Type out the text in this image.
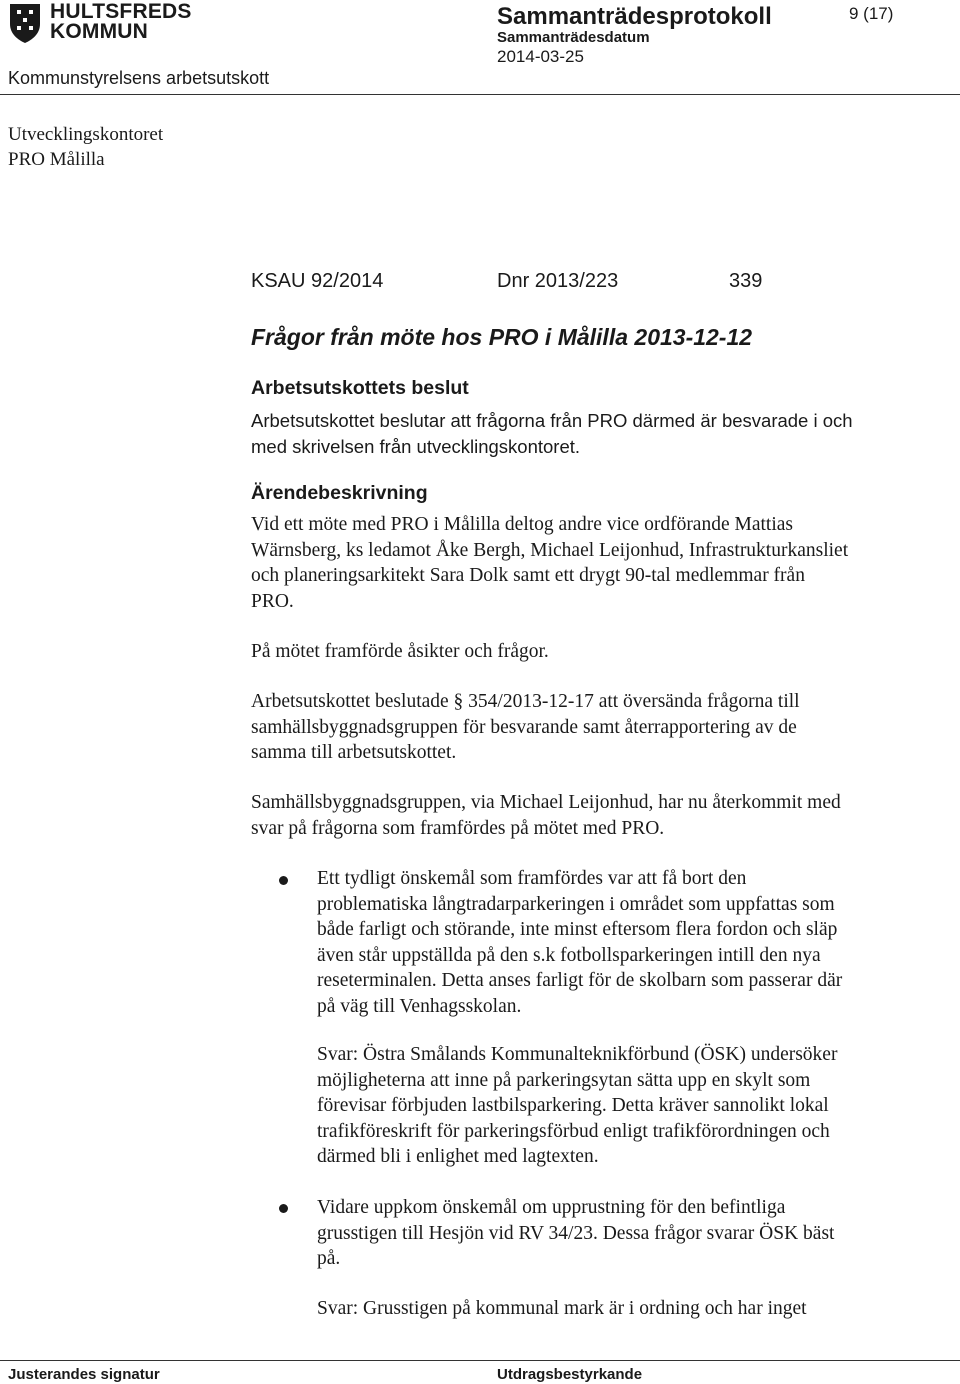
HULTSFREDS
KOMMUN
Sammanträdesprotokoll
Sammanträdesdatum
2014-03-25
9 (17)
Kommunstyrelsens arbetsutskott
Utvecklingskontoret
PRO Målilla
KSAU 92/2014	Dnr 2013/223	339
Frågor från möte hos PRO i Målilla 2013-12-12
Arbetsutskottets beslut
Arbetsutskottet beslutar att frågorna från PRO därmed är besvarade i och
med skrivelsen från utvecklingskontoret.
Ärendebeskrivning
Vid ett möte med PRO i Målilla deltog andre vice ordförande Mattias
Wärnsberg, ks ledamot Åke Bergh, Michael Leijonhud, Infrastrukturkansliet
och planeringsarkitekt Sara Dolk samt ett drygt 90-tal medlemmar från
PRO.
På mötet framförde åsikter och frågor.
Arbetsutskottet beslutade § 354/2013-12-17 att översända frågorna till
samhällsbyggnadsgruppen för besvarande samt återrapportering av de
samma till arbetsutskottet.
Samhällsbyggnadsgruppen, via Michael Leijonhud, har nu återkommit med
svar på frågorna som framfördes på mötet med PRO.
Ett tydligt önskemål som framfördes var att få bort den
problematiska långtradarparkeringen i området som uppfattas som
både farligt och störande, inte minst eftersom flera fordon och släp
även står uppställda på den s.k fotbollsparkeringen intill den nya
reseterminalen. Detta anses farligt för de skolbarn som passerar där
på väg till Venhagsskolan.
Svar: Östra Smålands Kommunalteknikförbund (ÖSK) undersöker
möjligheterna att inne på parkeringsytan sätta upp en skylt som
förevisar förbjuden lastbilsparkering. Detta kräver sannolikt lokal
trafikföreskrift för parkeringsförbud enligt trafikförordningen och
därmed bli i enlighet med lagtexten.
Vidare uppkom önskemål om upprustning för den befintliga
grusstigen till Hesjön vid RV 34/23. Dessa frågor svarar ÖSK bäst
på.
Svar: Grusstigen på kommunal mark är i ordning och har inget
Justerandes signatur	Utdragsbestyrkande
